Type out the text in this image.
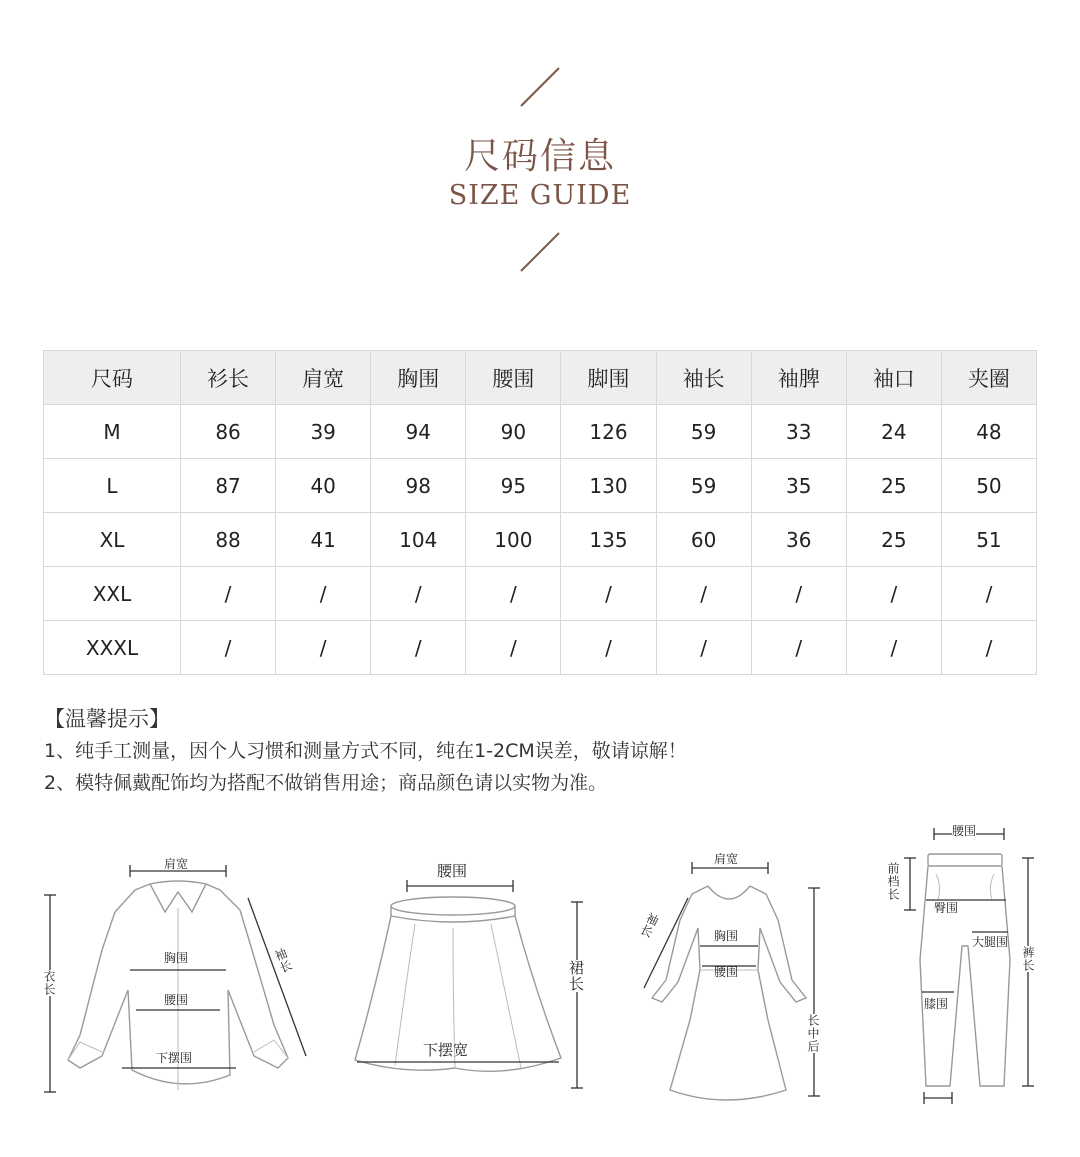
尺码信息
SIZE GUIDE
尺码	衫长	肩宽	胸围	腰围	脚围	袖长	袖脾	袖口	夹圈
M	86	39	94	90	126	59	33	24	48
L	87	40	98	95	130	59	35	25	50
XL	88	41	104	100	135	60	36	25	51
XXL	/	/	/	/	/	/	/	/	/
XXXL	/	/	/	/	/	/	/	/	/
【温馨提示】
1、纯手工测量，因个人习惯和测量方式不同，纯在1-2CM误差，敬请谅解！
2、模特佩戴配饰均为搭配不做销售用途；商品颜色请以实物为准。
肩宽
衣长
袖长
胸围
腰围
下摆围
腰围
裙长
下摆宽
肩宽
袖长	胸围
腰围
长中后
腰围
前档长
臀围
大腿围
裤长
膝围
